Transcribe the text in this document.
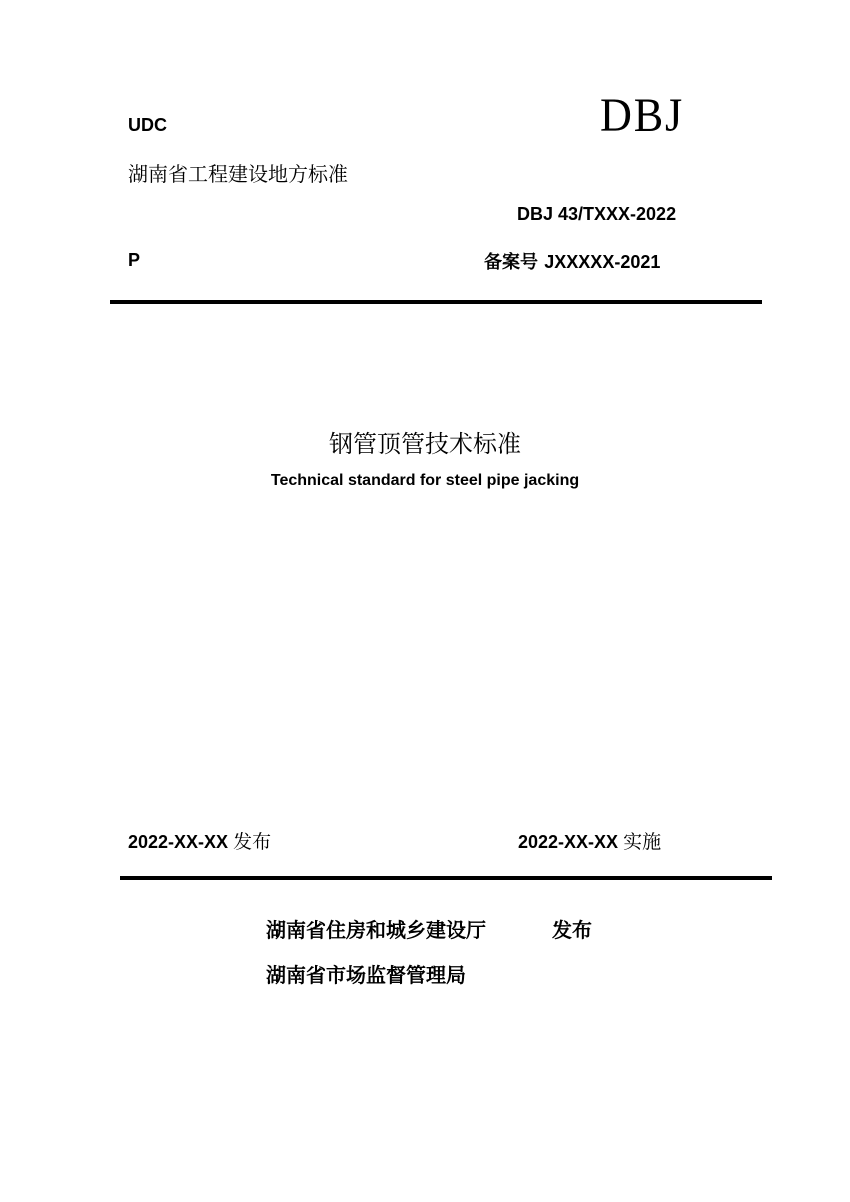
UDC	DBJ
湖南省工程建设地方标准
DBJ 43/TXXX-2022
P	备案号 JXXXXX-2021
钢管顶管技术标准
Technical standard for steel pipe jacking
2022-XX-XX 发布	2022-XX-XX 实施
湖南省住房和城乡建设厅	发布
湖南省市场监督管理局
